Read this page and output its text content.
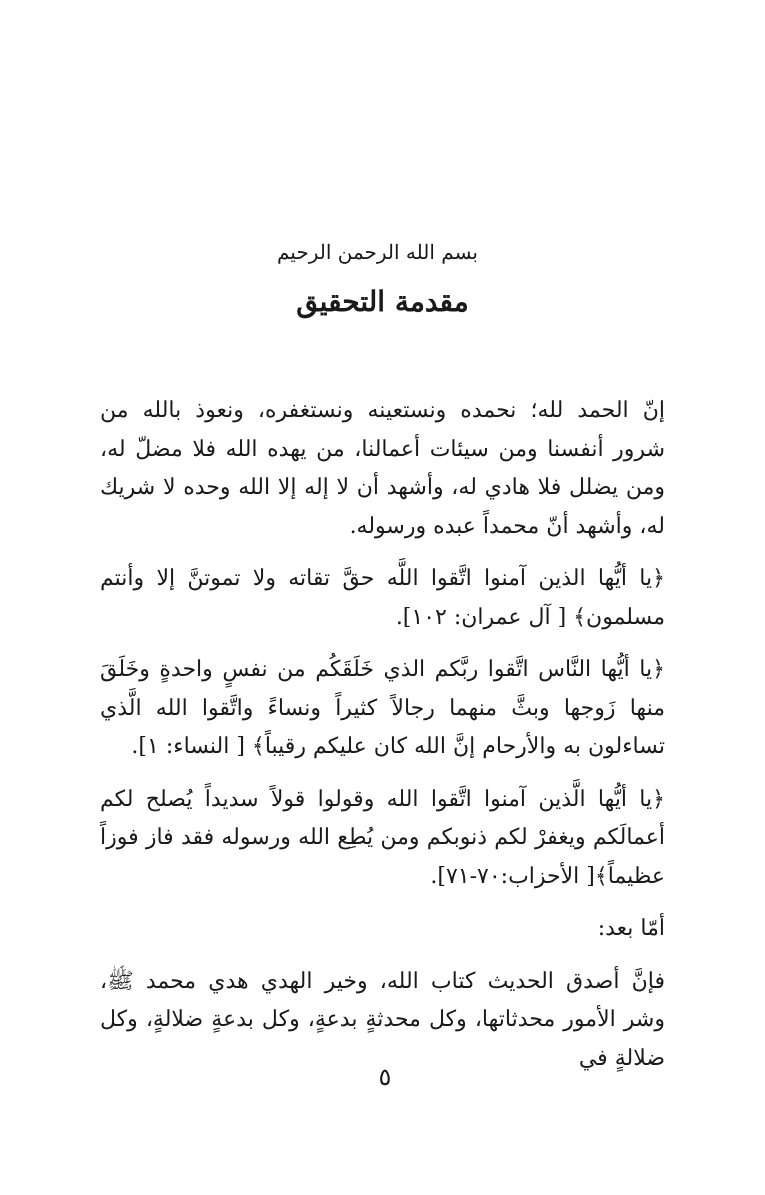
بسم الله الرحمن الرحيم
مقدمة التحقيق

إنّ الحمد لله؛ نحمده ونستعينه ونستغفره، ونعوذ بالله من شرور أنفسنا ومن سيئات أعمالنا، من يهده الله فلا مضلّ له، ومن يضلل فلا هادي له، وأشهد أن لا إله إلا الله وحده لا شريك له، وأشهد أنّ محمداً عبده ورسوله.

﴿يا أيُّها الذين آمنوا اتَّقوا اللَّه حقَّ تقاته ولا تموتنَّ إلا وأنتم مسلمون﴾ [ آل عمران: ١٠٢].

﴿يا أيُّها النَّاس اتَّقوا ربَّكم الذي خَلَقَكُم من نفسٍ واحدةٍ وخَلَقَ منها زَوجها وبثَّ منهما رجالاً كثيراً ونساءً واتَّقوا الله الَّذي تساءلون به والأرحام إنَّ الله كان عليكم رقيباً﴾ [ النساء: ١].

﴿يا أيُّها الَّذين آمنوا اتَّقوا الله وقولوا قولاً سديداً يُصلح لكم أعمالَكم ويغفرْ لكم ذنوبكم ومن يُطِع الله ورسوله فقد فاز فوزاً عظيماً﴾[ الأحزاب:٧٠-٧١].

أمّا بعد:

فإنَّ أصدق الحديث كتاب الله، وخير الهدي هدي محمد ﷺ، وشر الأمور محدثاتها، وكل محدثةٍ بدعةٍ، وكل بدعةٍ ضلالةٍ، وكل ضلالةٍ في

٥
